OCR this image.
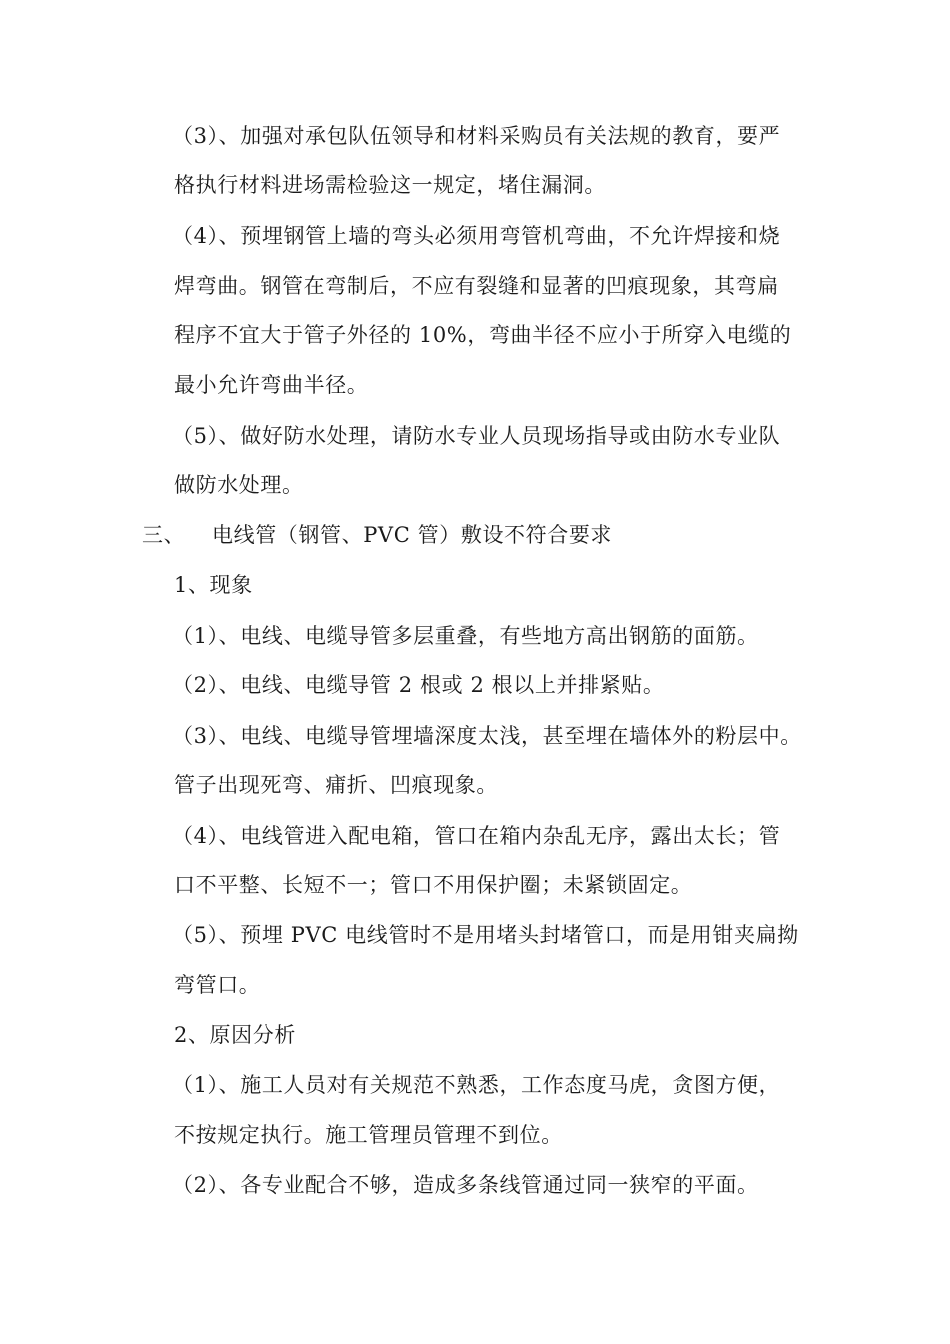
（3）、加强对承包队伍领导和材料采购员有关法规的教育，要严
格执行材料进场需检验这一规定，堵住漏洞。
（4）、预埋钢管上墙的弯头必须用弯管机弯曲，不允许焊接和烧
焊弯曲。钢管在弯制后，不应有裂缝和显著的凹痕现象，其弯扁
程序不宜大于管子外径的 10%，弯曲半径不应小于所穿入电缆的
最小允许弯曲半径。
（5）、做好防水处理，请防水专业人员现场指导或由防水专业队
做防水处理。
三、 电线管（钢管、PVC 管）敷设不符合要求
1、现象
（1）、电线、电缆导管多层重叠，有些地方高出钢筋的面筋。
（2）、电线、电缆导管 2 根或 2 根以上并排紧贴。
（3）、电线、电缆导管埋墙深度太浅，甚至埋在墙体外的粉层中。
管子出现死弯、痡折、凹痕现象。
（4）、电线管进入配电箱，管口在箱内杂乱无序，露出太长；管
口不平整、长短不一；管口不用保护圈；未紧锁固定。
（5）、预埋 PVC 电线管时不是用堵头封堵管口，而是用钳夹扁拗
弯管口。
2、原因分析
（1）、施工人员对有关规范不熟悉，工作态度马虎，贪图方便，
不按规定执行。施工管理员管理不到位。
（2）、各专业配合不够，造成多条线管通过同一狭窄的平面。
